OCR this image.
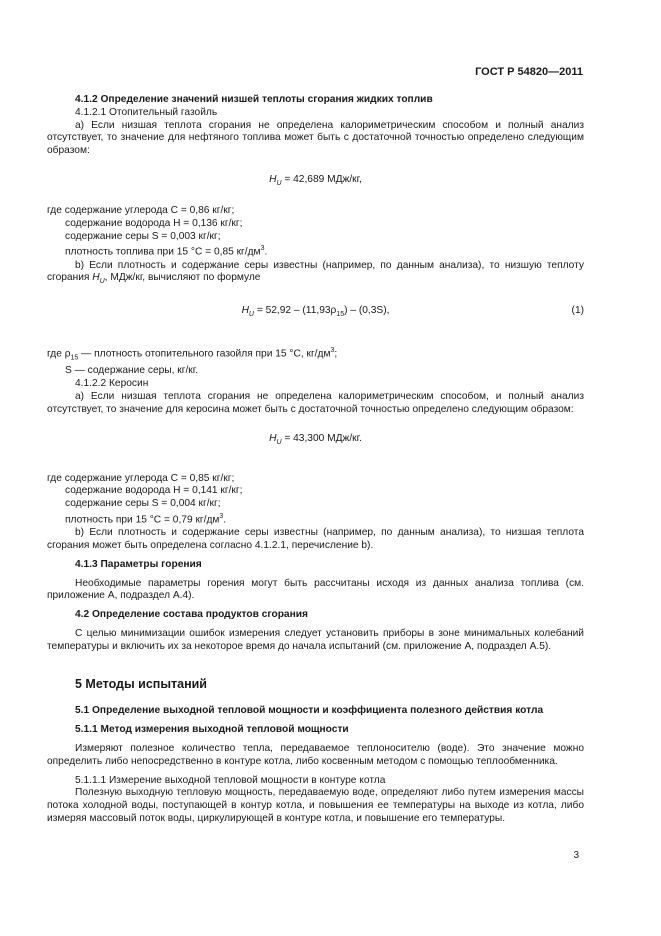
ГОСТ Р 54820—2011

4.1.2 Определение значений низшей теплоты сгорания жидких топлив

4.1.2.1 Отопительный газойль

а) Если низшая теплота сгорания не определена калориметрическим способом и полный анализ отсутствует, то значение для нефтяного топлива может быть с достаточной точностью определено следующим образом:

$H_U = 42,689$ МДж/кг,

где содержание углерода C = 0,86 кг/кг;

содержание водорода H = 0,136 кг/кг;

содержание серы S = 0,003 кг/кг;

плотность топлива при 15 °C = 0,85 $кг/дм^3$.

b) Если плотность и содержание серы известны (например, по данным анализа), то низшую теплоту сгорания $H_U$, МДж/кг, вычисляют по формуле

$H_U = 52,92 - (11,93\rho_{15}) - (0,3S)$,	(1)

где $\rho_{15}$ — плотность отопительного газойля при 15 °C, $кг/дм^3$;

S — содержание серы, кг/кг.

4.1.2.2 Керосин

а) Если низшая теплота сгорания не определена калориметрическим способом, и полный анализ отсутствует, то значение для керосина может быть с достаточной точностью определено следующим образом:

$H_U = 43,300$ МДж/кг.

где содержание углерода C = 0,85 кг/кг;

содержание водорода H = 0,141 кг/кг;

содержание серы S = 0,004 кг/кг;

плотность при 15 °C = 0,79 $кг/дм^3$.

b) Если плотность и содержание серы известны (например, по данным анализа), то низшая теплота сгорания может быть определена согласно 4.1.2.1, перечисление b).

4.1.3 Параметры горения

Необходимые параметры горения могут быть рассчитаны исходя из данных анализа топлива (см. приложение А, подраздел А.4).

4.2 Определение состава продуктов сгорания

С целью минимизации ошибок измерения следует установить приборы в зоне минимальных колебаний температуры и включить их за некоторое время до начала испытаний (см. приложение А, подраздел А.5).

5 Методы испытаний

5.1 Определение выходной тепловой мощности и коэффициента полезного действия котла

5.1.1 Метод измерения выходной тепловой мощности

Измеряют полезное количество тепла, передаваемое теплоносителю (воде). Это значение можно определить либо непосредственно в контуре котла, либо косвенным методом с помощью теплообменника.

5.1.1.1 Измерение выходной тепловой мощности в контуре котла

Полезную выходную тепловую мощность, передаваемую воде, определяют либо путем измерения массы потока холодной воды, поступающей в контур котла, и повышения ее температуры на выходе из котла, либо измеряя массовый поток воды, циркулирующей в контуре котла, и повышение его температуры.

3
